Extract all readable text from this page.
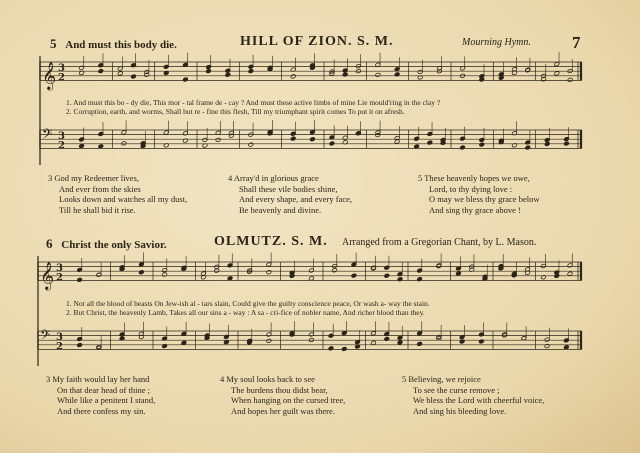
5 And must this body die.	HILL OF ZION. S. M.	Mourning Hymn. 7
1. And must this bo - dy die, This mor - tal frame de - cay ? And must these active limbs of mine Lie mould'ring in the clay ?
2. Corruption, earth, and worms, Shall but re - fine this flesh, Till my triumphant spirit comes To put it on afresh.
3 God my Redeemer lives,
And ever from the skies
Looks down and watches all my dust,
Till he shall bid it rise.
4 Array'd in glorious grace
Shall these vile bodies shine,
And every shape, and every face,
Be heavenly and divine.
5 These heavenly hopes we owe,
Lord, to thy dying love :
O may we bless thy grace below
And sing thy grace above !
6 Christ the only Savior.	OLMUTZ. S. M. Arranged from a Gregorian Chant, by L. Mason.
1. Not all the blood of beasts On Jew-ish al - tars slain, Could give the guilty conscience peace, Or wash a- way the stain.
2. But Christ, the heavenly Lamb, Takes all our sins a - way : A sa - cri-fice of nobler name, And richer blood than they.
3 My faith would lay her hand
On that dear head of thine ;
While like a penitent I stand,
And there confess my sin.
4 My soul looks back to see
The burdens thou didst bear,
When hanging on the cursed tree,
And hopes her guilt was there.
5 Believing, we rejoice
To see the curse remove ;
We bless the Lord with cheerful voice,
And sing his bleeding love.
𝄞 3
2
𝄢 3
2
𝄞 3
2
𝄢 3
2
